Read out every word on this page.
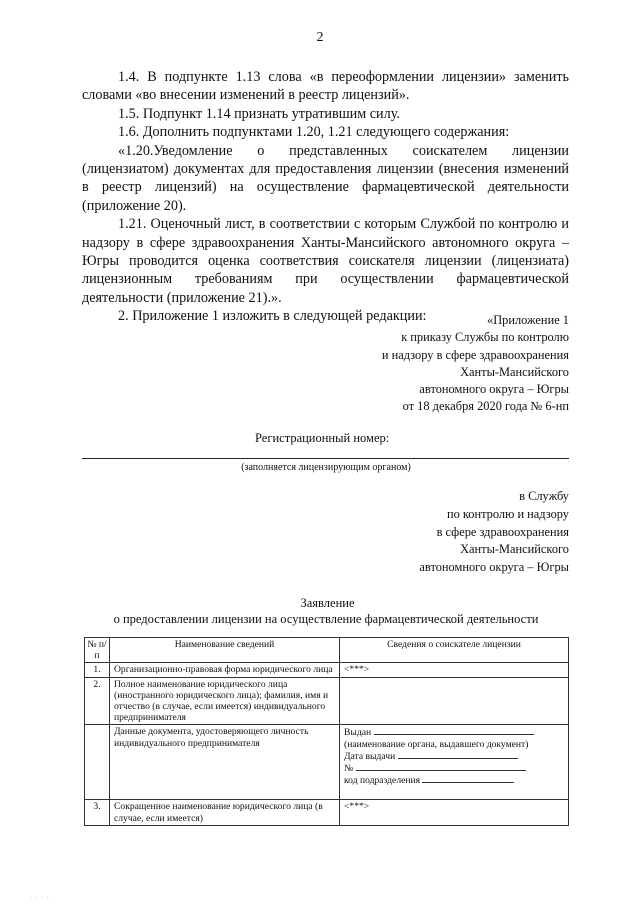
2

1.4. В подпункте 1.13 слова «в переоформлении лицензии» заменить словами «во внесении изменений в реестр лицензий».

1.5. Подпункт 1.14 признать утратившим силу.

1.6. Дополнить подпунктами 1.20, 1.21 следующего содержания:

«1.20.Уведомление о представленных соискателем лицензии (лицензиатом) документах для предоставления лицензии (внесения изменений в реестр лицензий) на осуществление фармацевтической деятельности (приложение 20).

1.21. Оценочный лист, в соответствии с которым Службой по контролю и надзору в сфере здравоохранения Ханты-Мансийского автономного округа – Югры проводится оценка соответствия соискателя лицензии (лицензиата) лицензионным требованиям при осуществлении фармацевтической деятельности (приложение 21).».

2. Приложение 1 изложить в следующей редакции:	«Приложение 1
к приказу Службы по контролю
и надзору в сфере здравоохранения
Ханты-Мансийского
автономного округа – Югры
от 18 декабря 2020 года № 6-нп
Регистрационный номер:
(заполняется лицензирующим органом)
в Службу
по контролю и надзору
в сфере здравоохранения
Ханты-Мансийского
автономного округа – Югры
Заявление
о предоставлении лицензии на осуществление фармацевтической деятельности
№ п/п	Наименование сведений	Сведения о соискателе лицензии
1.	Организационно-правовая форма юридического лица	<***>
2.	Полное наименование юридического лица (иностранного юридического лица); фамилия, имя и отчество (в случае, если имеется) индивидуального предпринимателя	
	Данные документа, удостоверяющего личность индивидуального предпринимателя	Выдан
(наименование органа, выдавшего документ)
Дата выдачи
№
код подразделения

3.	Сокращенное наименование юридического лица (в случае, если имеется)	<***>
· · · · ·
